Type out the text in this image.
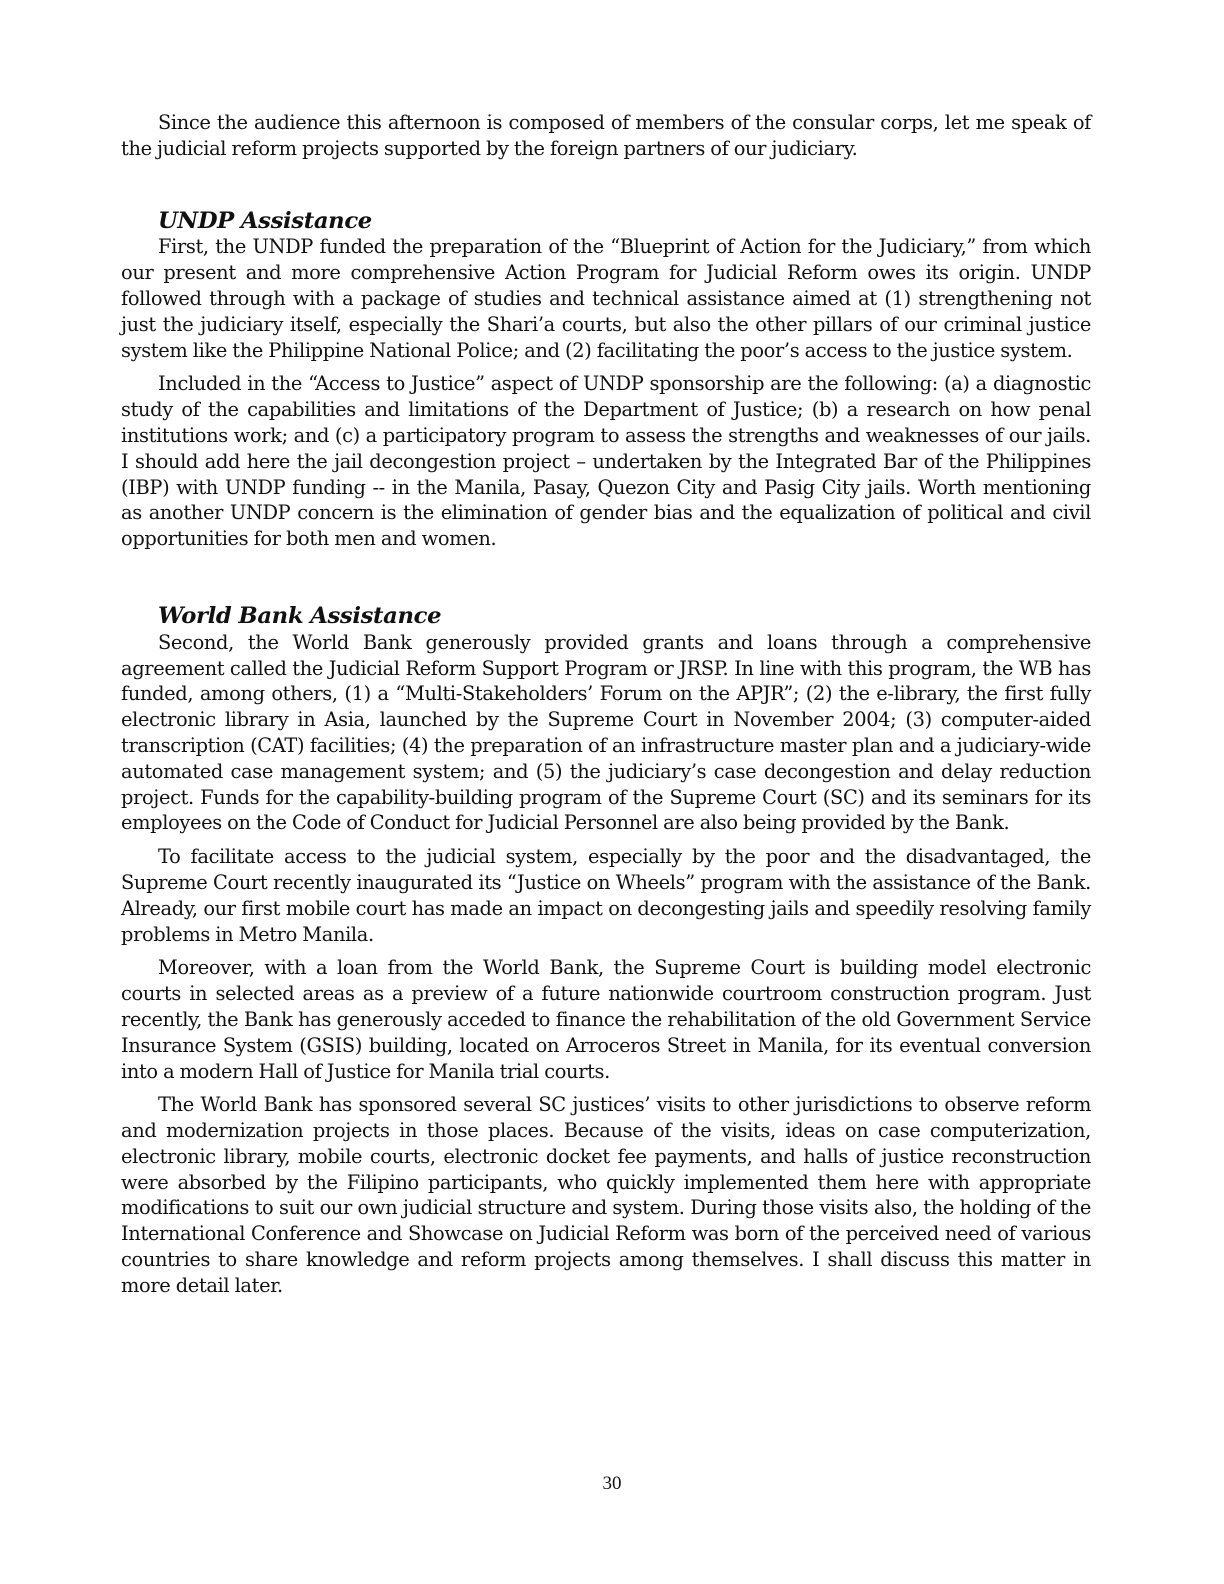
Since the audience this afternoon is composed of members of the consular corps, let me speak of the judicial reform projects supported by the foreign partners of our judiciary.

UNDP Assistance

First, the UNDP funded the preparation of the “Blueprint of Action for the Judiciary,” from which our present and more comprehensive Action Program for Judicial Reform owes its origin. UNDP followed through with a package of studies and technical assistance aimed at (1) strengthening not just the judiciary itself, especially the Shari’a courts, but also the other pillars of our criminal justice system like the Philippine National Police; and (2) facilitating the poor’s access to the justice system.

Included in the “Access to Justice” aspect of UNDP sponsorship are the following: (a) a diagnostic study of the capabilities and limitations of the Department of Justice; (b) a research on how penal institutions work; and (c) a participatory program to assess the strengths and weaknesses of our jails. I should add here the jail decongestion project – undertaken by the Integrated Bar of the Philippines (IBP) with UNDP funding -- in the Manila, Pasay, Quezon City and Pasig City jails. Worth mentioning as another UNDP concern is the elimination of gender bias and the equalization of political and civil opportunities for both men and women.

World Bank Assistance

Second, the World Bank generously provided grants and loans through a comprehensive agreement called the Judicial Reform Support Program or JRSP. In line with this program, the WB has funded, among others, (1) a “Multi-Stakeholders’ Forum on the APJR”; (2) the e-library, the first fully electronic library in Asia, launched by the Supreme Court in November 2004; (3) computer-aided transcription (CAT) facilities; (4) the preparation of an infrastructure master plan and a judiciary-wide automated case management system; and (5) the judiciary’s case decongestion and delay reduction project. Funds for the capability-building program of the Supreme Court (SC) and its seminars for its employees on the Code of Conduct for Judicial Personnel are also being provided by the Bank.

To facilitate access to the judicial system, especially by the poor and the disadvantaged, the Supreme Court recently inaugurated its “Justice on Wheels” program with the assistance of the Bank. Already, our first mobile court has made an impact on decongesting jails and speedily resolving family problems in Metro Manila.

Moreover, with a loan from the World Bank, the Supreme Court is building model electronic courts in selected areas as a preview of a future nationwide courtroom construction program. Just recently, the Bank has generously acceded to finance the rehabilitation of the old Government Service Insurance System (GSIS) building, located on Arroceros Street in Manila, for its eventual conversion into a modern Hall of Justice for Manila trial courts.

The World Bank has sponsored several SC justices’ visits to other jurisdictions to observe reform and modernization projects in those places. Because of the visits, ideas on case computerization, electronic library, mobile courts, electronic docket fee payments, and halls of justice reconstruction were absorbed by the Filipino participants, who quickly implemented them here with appropriate modifications to suit our own judicial structure and system. During those visits also, the holding of the International Conference and Showcase on Judicial Reform was born of the perceived need of various countries to share knowledge and reform projects among themselves. I shall discuss this matter in more detail later.

30
